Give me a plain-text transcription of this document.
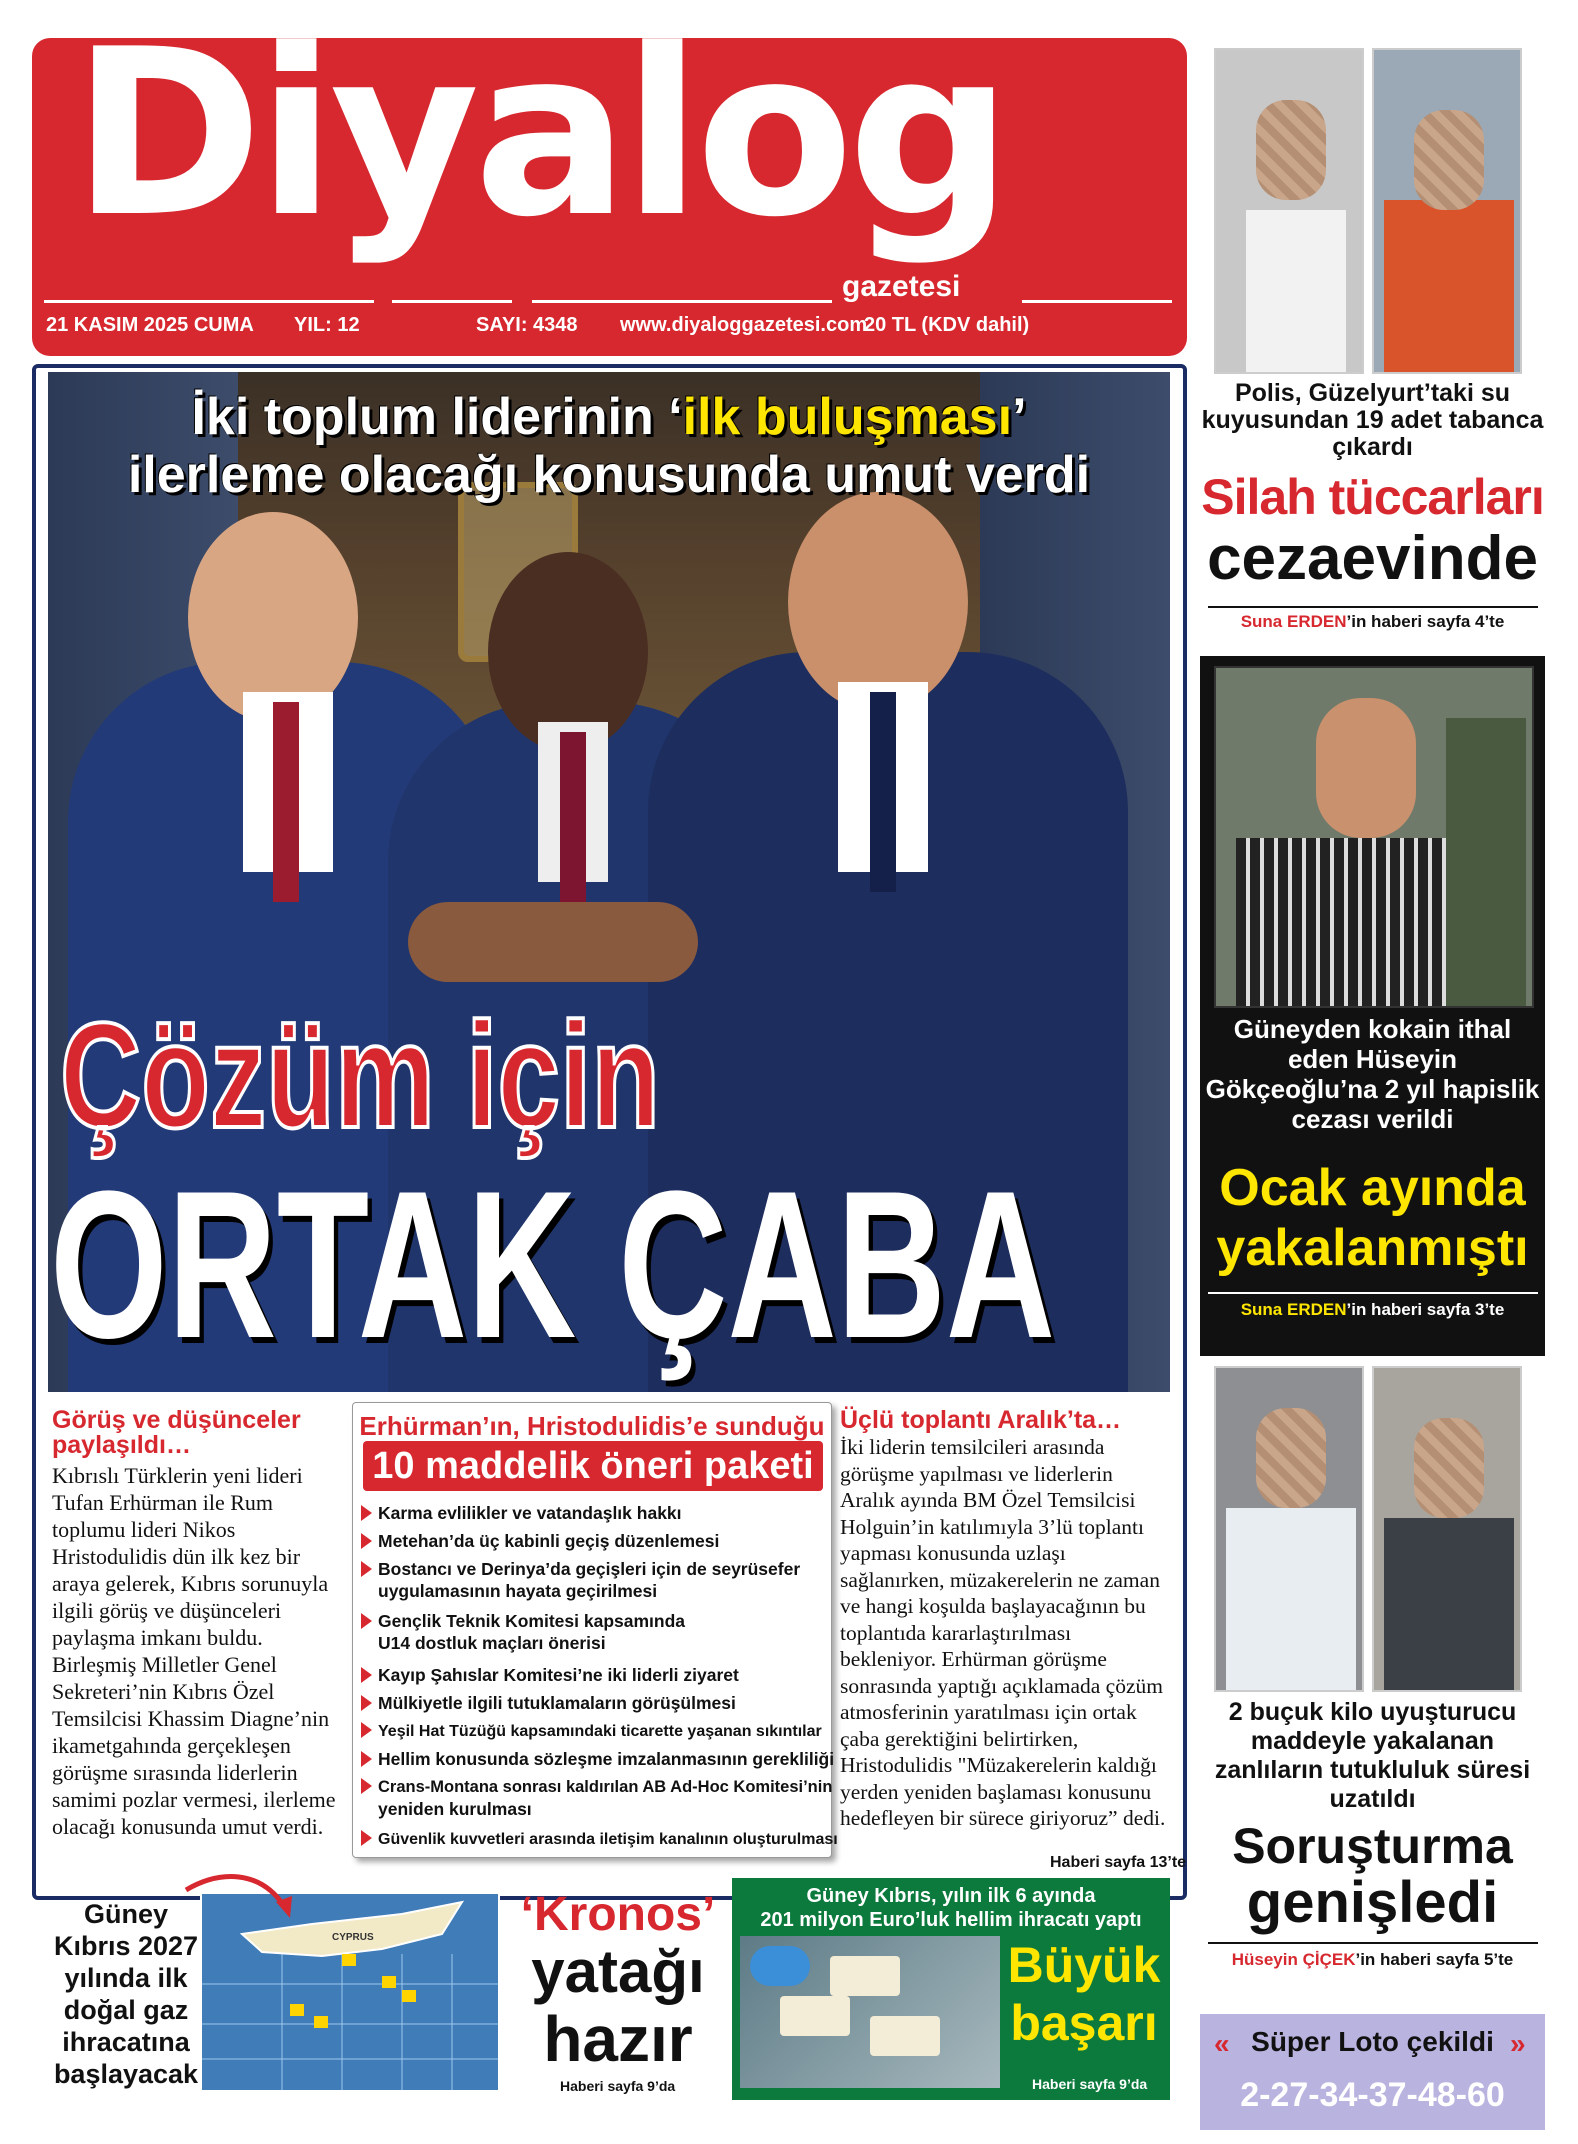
Diyalog
gazetesi
21 KASIM 2025 CUMA YIL: 12	SAYI: 4348 www.diyaloggazetesi.com
20 TL (KDV dahil)
İki toplum liderinin ‘ilk buluşması’
ilerleme olacağı konusunda umut verdi
Çözüm için
ORTAK ÇABA
Görüş ve düşünceler paylaşıldı…
Kıbrıslı Türklerin yeni lideri Tufan Erhürman ile Rum toplumu lideri Nikos Hristodulidis dün ilk kez bir araya gelerek, Kıbrıs sorunuyla ilgili görüş ve düşünceleri paylaşma imkanı buldu. Birleşmiş Milletler Genel Sekreteri’nin Kıbrıs Özel Temsilcisi Khassim Diagne’nin ikametgahında gerçekleşen görüşme sırasında liderlerin samimi pozlar vermesi, ilerleme olacağı konusunda umut verdi.
Erhürman’ın, Hristodulidis’e sunduğu
10 maddelik öneri paketi
Karma evlilikler ve vatandaşlık hakkı
Metehan’da üç kabinli geçiş düzenlemesi
Bostancı ve Derinya’da geçişleri için de seyrüsefer
uygulamasının hayata geçirilmesi
Gençlik Teknik Komitesi kapsamında
U14 dostluk maçları önerisi
Kayıp Şahıslar Komitesi’ne iki liderli ziyaret
Mülkiyetle ilgili tutuklamaların görüşülmesi
Yeşil Hat Tüzüğü kapsamındaki ticarette yaşanan sıkıntılar
Hellim konusunda sözleşme imzalanmasının gerekliliği
Crans-Montana sonrası kaldırılan AB Ad-Hoc Komitesi’nin
yeniden kurulması
Güvenlik kuvvetleri arasında iletişim kanalının oluşturulması
Üçlü toplantı Aralık’ta…
İki liderin temsilcileri arasında görüşme yapılması ve liderlerin Aralık ayında BM Özel Temsilcisi Holguin’in katılımıyla 3’lü toplantı yapması konusunda uzlaşı sağlanırken, müzakerelerin ne zaman ve hangi koşulda başlayacağının bu toplantıda kararlaştırılması bekleniyor. Erhürman görüşme sonrasında yaptığı açıklamada çözüm atmosferinin yaratılması için ortak çaba gerektiğini belirtirken, Hristodulidis "Müzakerelerin kaldığı yerden yeniden başlaması konusunu hedefleyen bir sürece giriyoruz” dedi.
Haberi sayfa 13’te
Güney
Kıbrıs 2027
yılında ilk
doğal gaz
ihracatına
başlayacak
CYPRUS	‘Kronos’
yatağı
hazır
Haberi sayfa 9’da
Güney Kıbrıs, yılın ilk 6 ayında
201 milyon Euro’luk hellim ihracatı yaptı
Büyük
başarı
Haberi sayfa 9’da
Polis, Güzelyurt’taki su kuyusundan 19 adet tabanca çıkardı
Silah tüccarları
cezaevinde
Suna ERDEN’in haberi sayfa 4’te
Güneyden kokain ithal eden Hüseyin Gökçeoğlu’na 2 yıl hapislik cezası verildi
Ocak ayında
yakalanmıştı
Suna ERDEN’in haberi sayfa 3’te
2 buçuk kilo uyuşturucu maddeyle yakalanan zanlıların tutukluluk süresi uzatıldı
Soruşturma
genişledi
Hüseyin ÇİÇEK’in haberi sayfa 5’te
«	»
Süper Loto çekildi
2-27-34-37-48-60
